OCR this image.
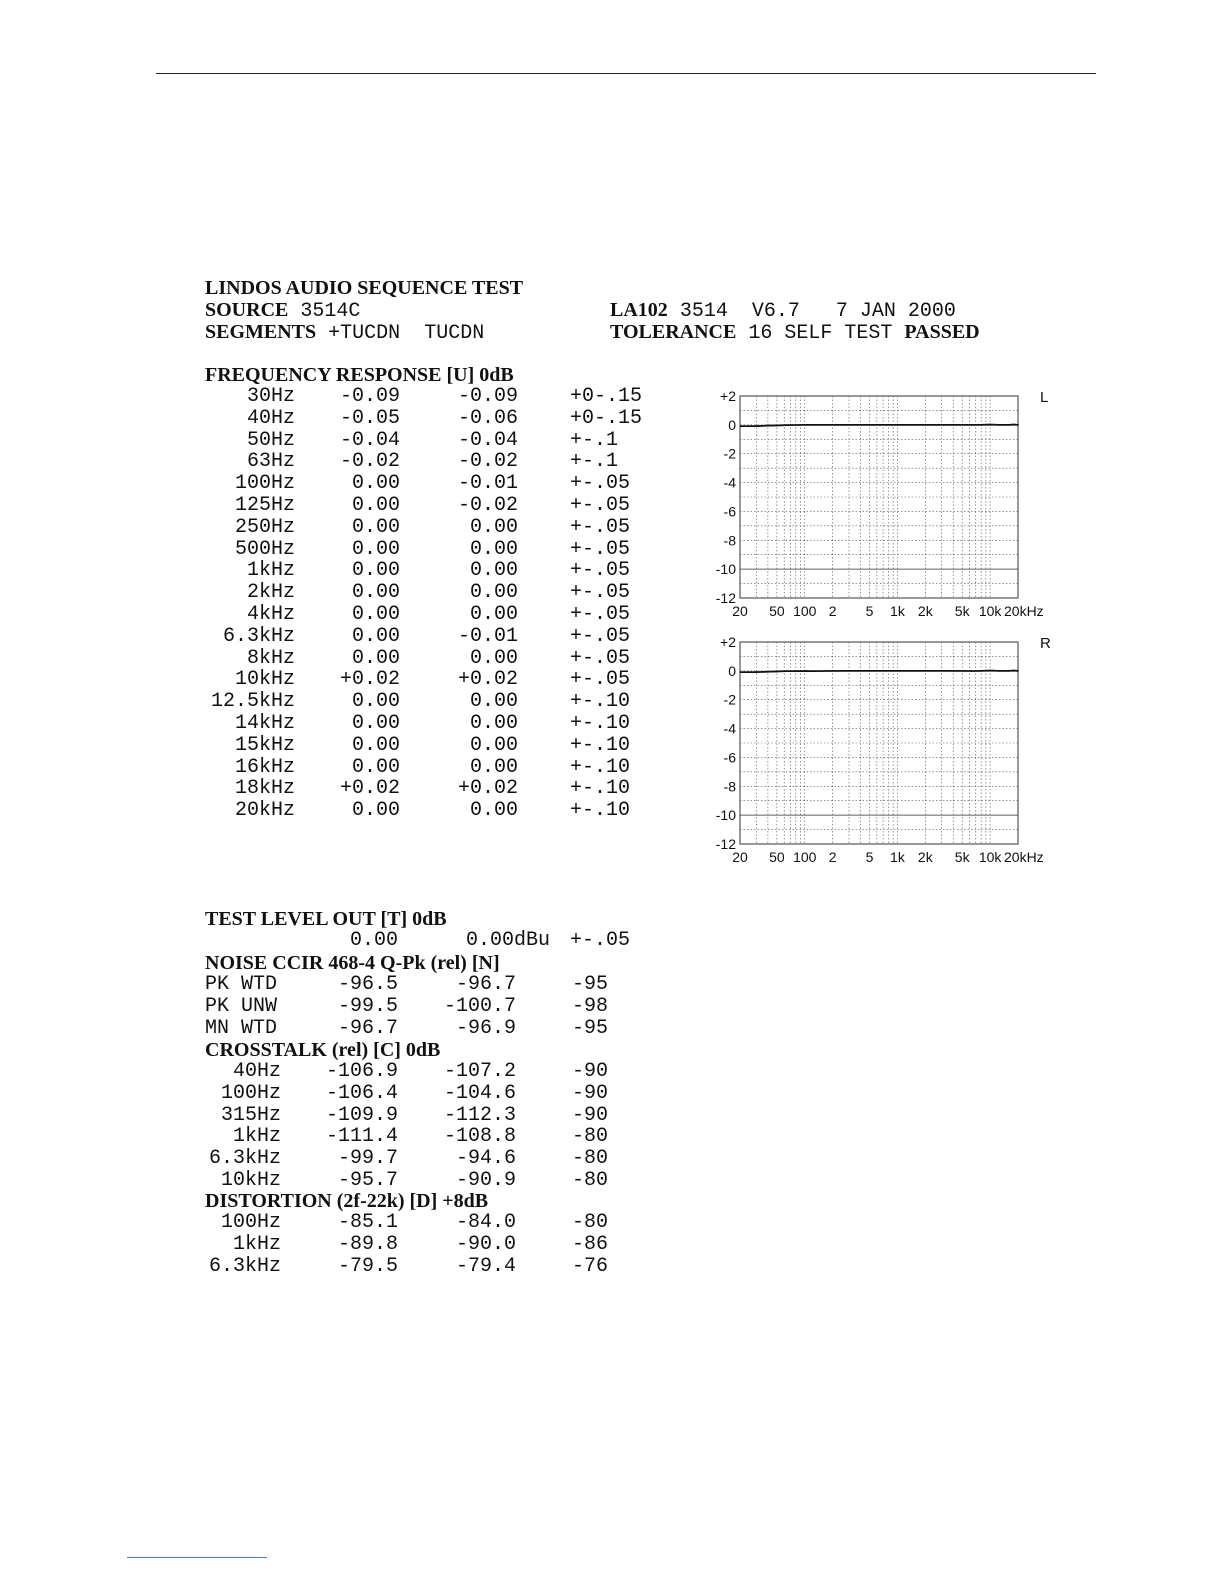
LINDOS AUDIO SEQUENCE TEST
SOURCE 3514C
SEGMENTS +TUCDN  TUCDN
LA102 3514  V6.7   7 JAN 2000
TOLERANCE 16 SELF TEST PASSED
FREQUENCY RESPONSE [U] 0dB
30Hz	-0.09	-0.09	+0-.15
40Hz	-0.05	-0.06	+0-.15
50Hz	-0.04	-0.04	+-.1
63Hz	-0.02	-0.02	+-.1
100Hz	0.00	-0.01	+-.05
125Hz	0.00	-0.02	+-.05
250Hz	0.00	0.00	+-.05
500Hz	0.00	0.00	+-.05
1kHz	0.00	0.00	+-.05
2kHz	0.00	0.00	+-.05
4kHz	0.00	0.00	+-.05
6.3kHz	0.00	-0.01	+-.05
8kHz	0.00	0.00	+-.05
10kHz	+0.02	+0.02	+-.05
12.5kHz	0.00	0.00	+-.10
14kHz	0.00	0.00	+-.10
15kHz	0.00	0.00	+-.10
16kHz	0.00	0.00	+-.10
18kHz	+0.02	+0.02	+-.10
20kHz	0.00	0.00	+-.10
TEST LEVEL OUT [T] 0dB
0.00	0.00dBu +-.05
NOISE CCIR 468-4 Q-Pk (rel) [N]
PK WTD	-96.5	-96.7	-95
PK UNW	-99.5	-100.7	-98
MN WTD	-96.7	-96.9	-95
CROSSTALK (rel) [C] 0dB
40Hz	-106.9	-107.2	-90
100Hz	-106.4	-104.6	-90
315Hz	-109.9	-112.3	-90
1kHz	-111.4	-108.8	-80
6.3kHz	-99.7	-94.6	-80
10kHz	-95.7	-90.9	-80
DISTORTION (2f-22k) [D] +8dB
100Hz	-85.1	-84.0	-80
1kHz	-89.8	-90.0	-86
6.3kHz	-79.5	-79.4	-76
+2
0
-2
-4
-6
-8
-10
-12
20 50 100 2 5 1k 2k 5k 10k 20kHz
L
+2
0
-2
-4
-6
-8
-10
-12
20 50 100 2 5 1k 2k 5k 10k 20kHz
R
